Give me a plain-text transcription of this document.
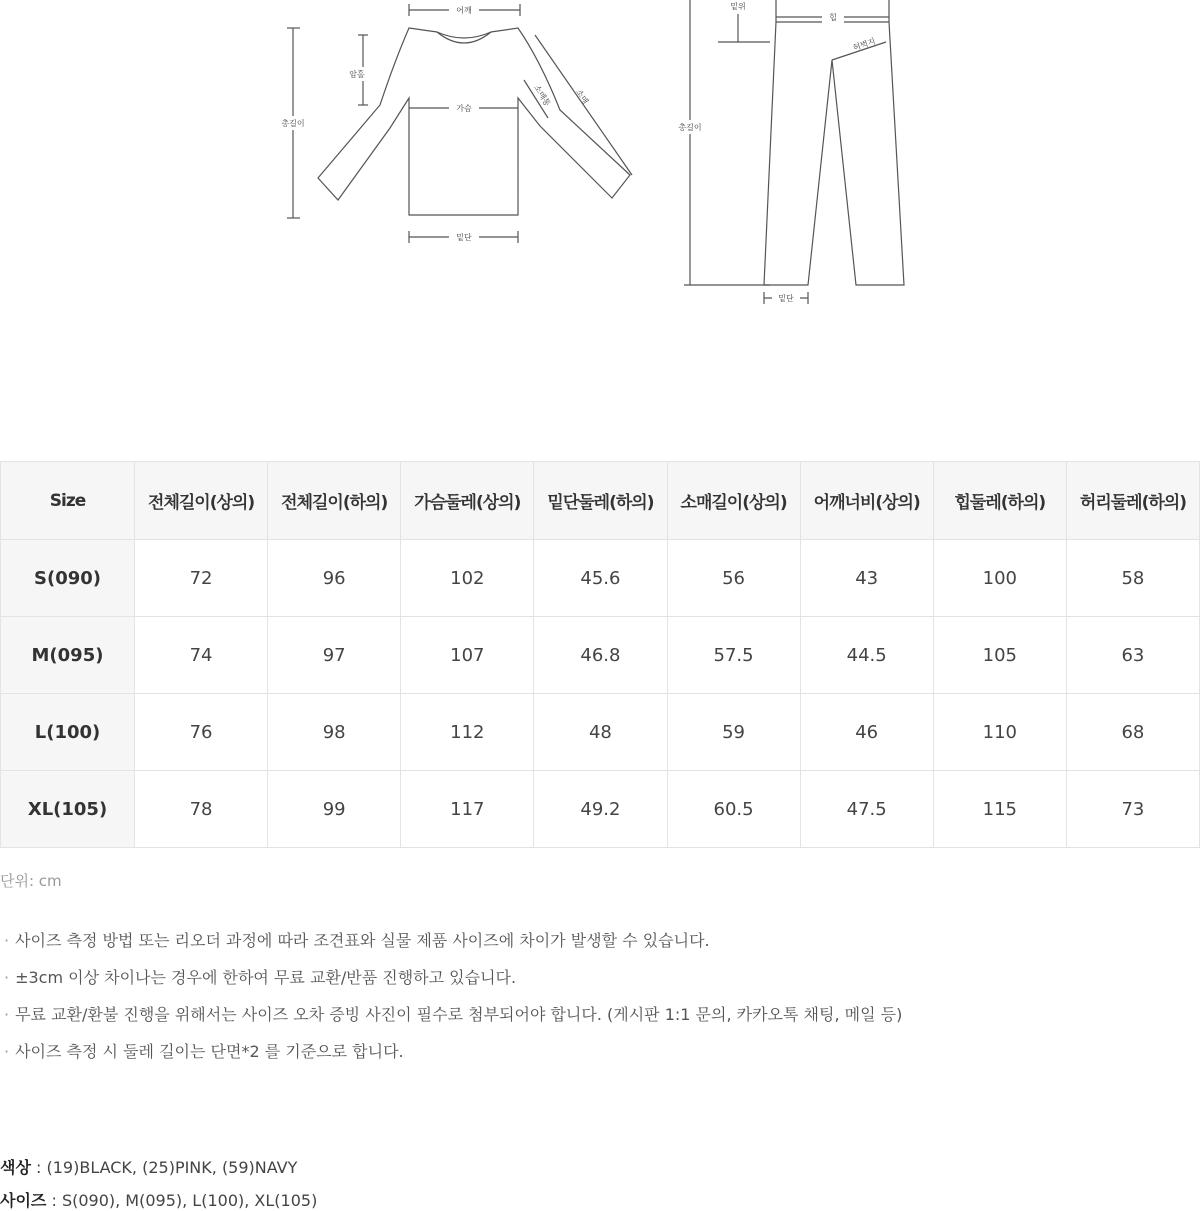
어깨
총길이
암홀
가슴
소매통	소매
밑단
밑위
힙
허벅지
총길이
밑단
Size	전체길이(상의)	전체길이(하의)	가슴둘레(상의)	밑단둘레(하의)	소매길이(상의)	어깨너비(상의)	힙둘레(하의)	허리둘레(하의)
S(090)	72	96	102	45.6	56	43	100	58
M(095)	74	97	107	46.8	57.5	44.5	105	63
L(100)	76	98	112	48	59	46	110	68
XL(105)	78	99	117	49.2	60.5	47.5	115	73
단위: cm
· 사이즈 측정 방법 또는 리오더 과정에 따라 조견표와 실물 제품 사이즈에 차이가 발생할 수 있습니다.
· ±3cm 이상 차이나는 경우에 한하여 무료 교환/반품 진행하고 있습니다.
· 무료 교환/환불 진행을 위해서는 사이즈 오차 증빙 사진이 필수로 첨부되어야 합니다. (게시판 1:1 문의, 카카오톡 채팅, 메일 등)
· 사이즈 측정 시 둘레 길이는 단면*2 를 기준으로 합니다.
색상 : (19)BLACK, (25)PINK, (59)NAVY
사이즈 : S(090), M(095), L(100), XL(105)
